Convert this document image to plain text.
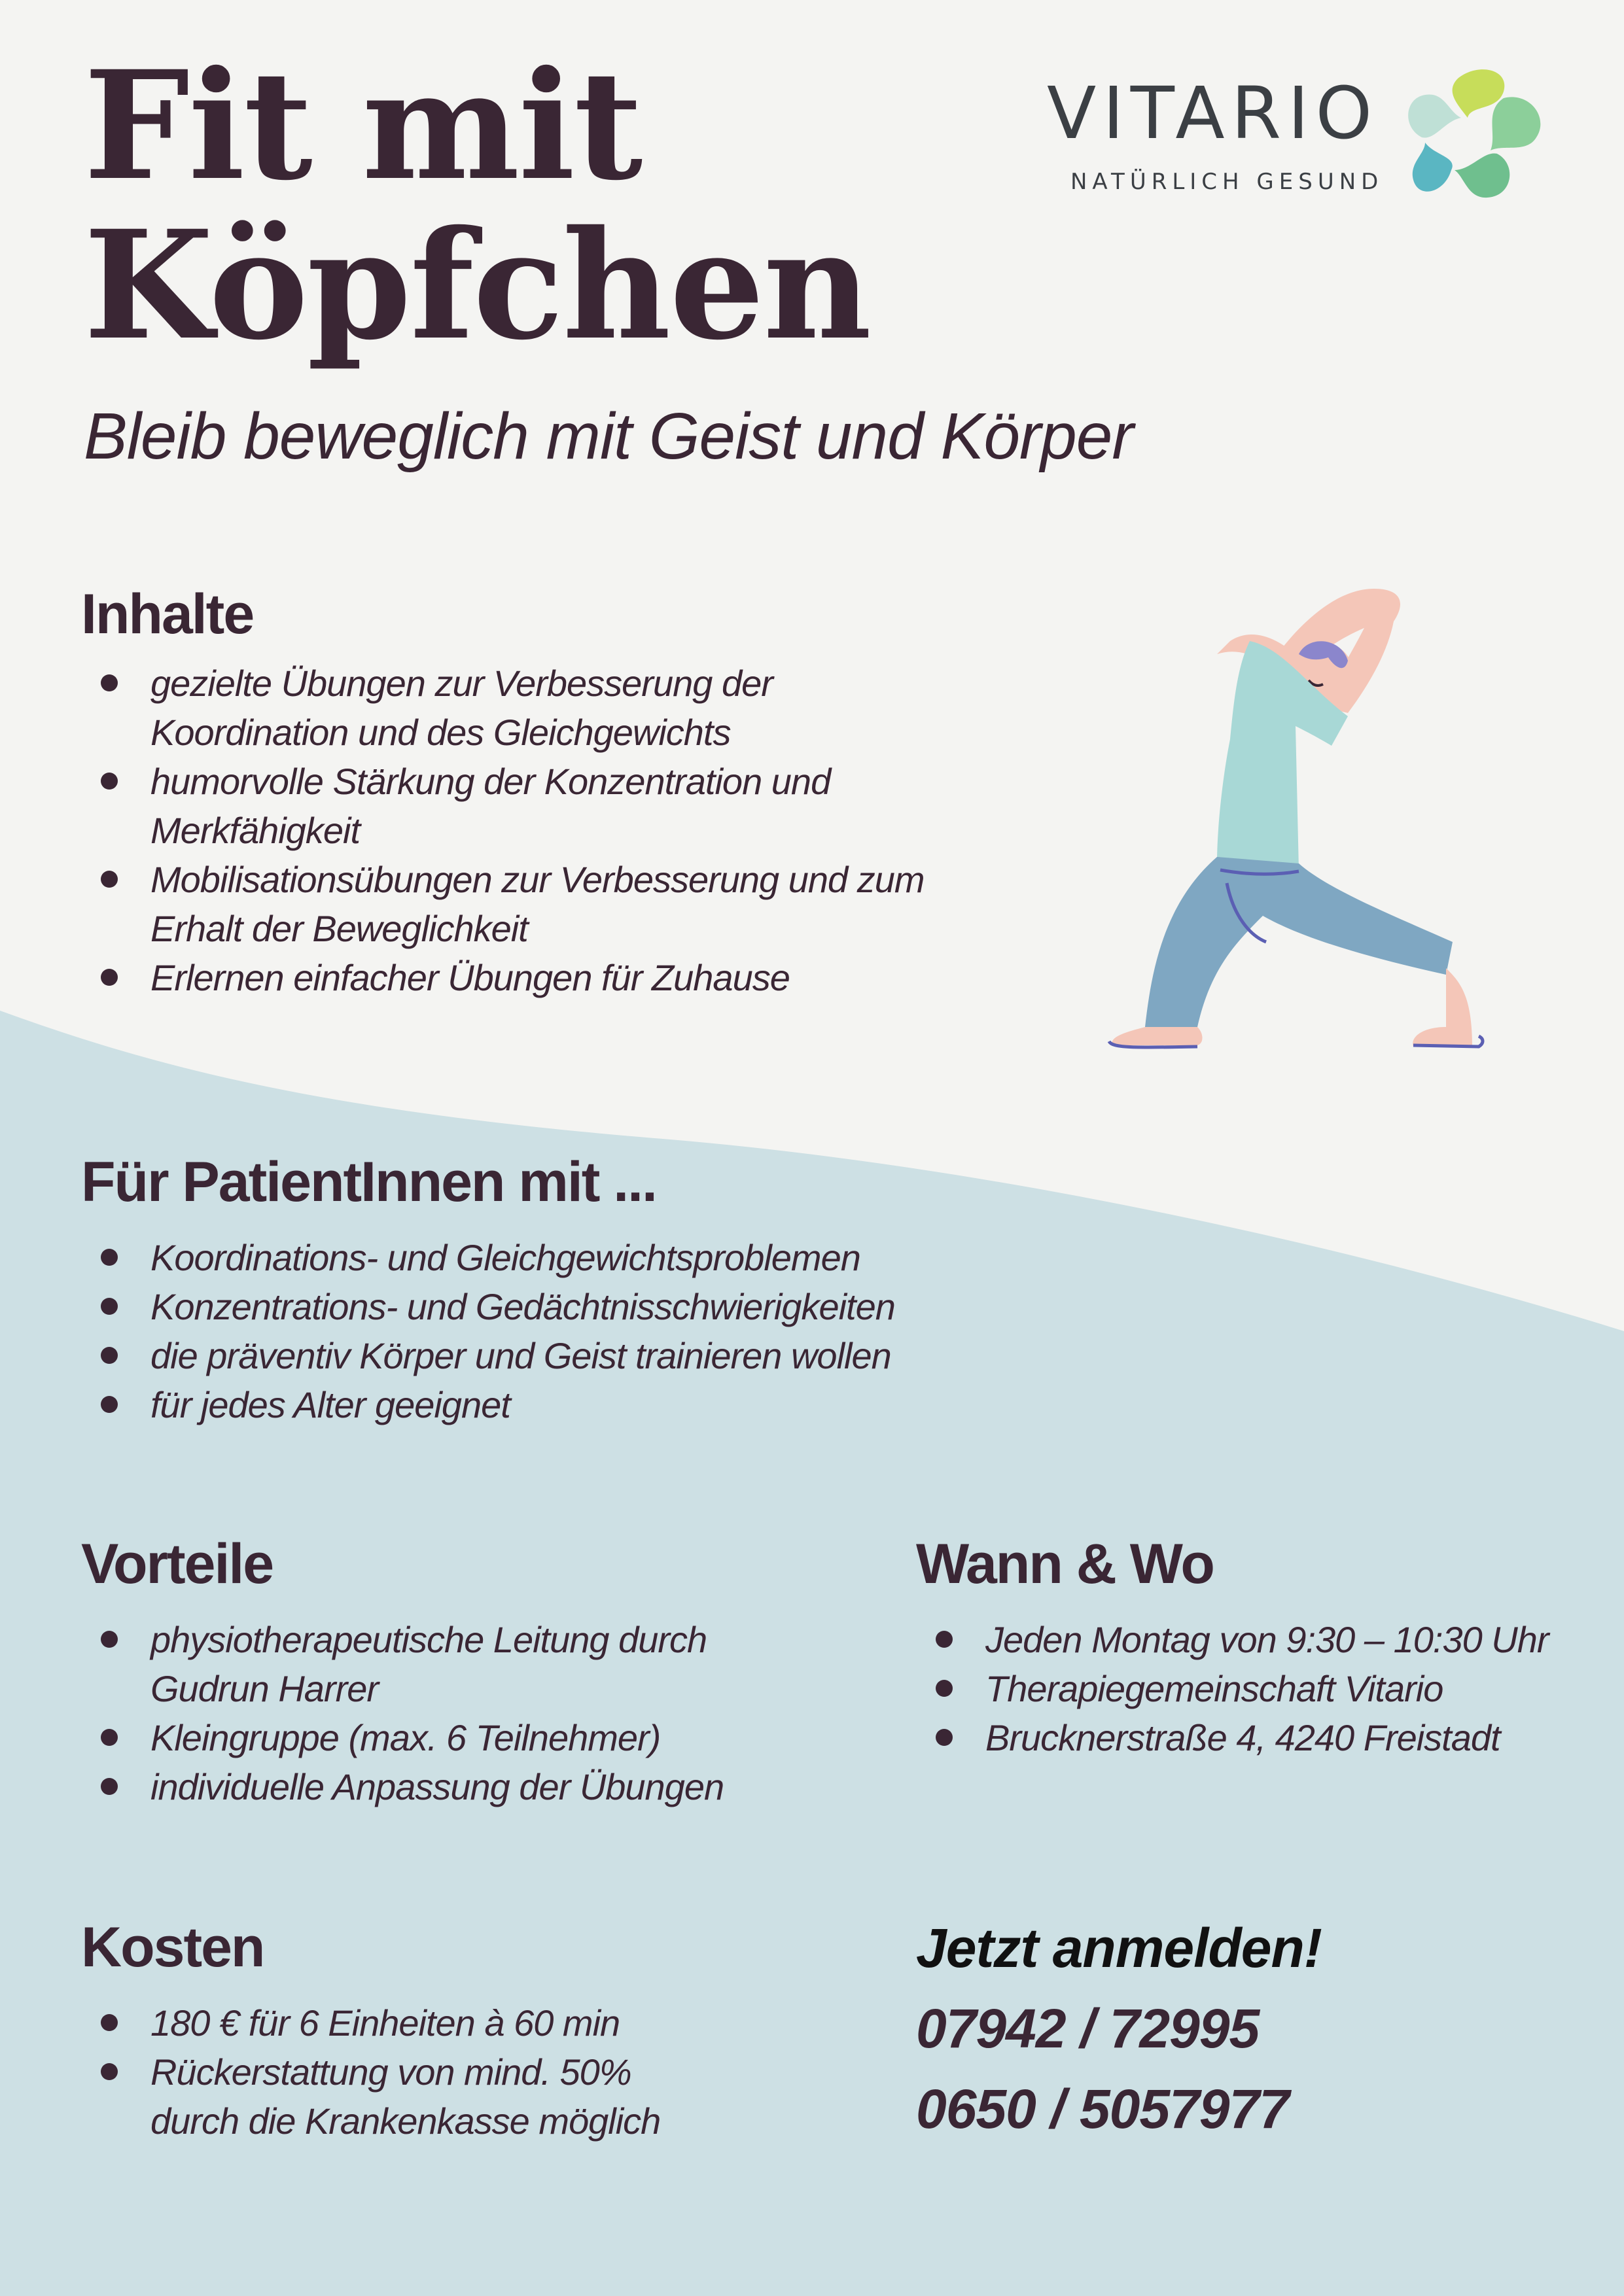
Fit mit
Köpfchen

Bleib beweglich mit Geist und Körper

VITARIO
NATÜRLICH GESUND
Inhalte
gezielte Übungen zur Verbesserung der
Koordination und des Gleichgewichts
humorvolle Stärkung der Konzentration und
Merkfähigkeit
Mobilisationsübungen zur Verbesserung und zum
Erhalt der Beweglichkeit
Erlernen einfacher Übungen für Zuhause
Für PatientInnen mit ...
Koordinations- und Gleichgewichtsproblemen
Konzentrations- und Gedächtnisschwierigkeiten
die präventiv Körper und Geist trainieren wollen
für jedes Alter geeignet
Vorteile
physiotherapeutische Leitung durch
Gudrun Harrer
Kleingruppe (max. 6 Teilnehmer)
individuelle Anpassung der Übungen
Wann & Wo
Jeden Montag von 9:30 – 10:30 Uhr
Therapiegemeinschaft Vitario
Brucknerstraße 4, 4240 Freistadt
Kosten
180 € für 6 Einheiten à 60 min
Rückerstattung von mind. 50%
durch die Krankenkasse möglich

Jetzt anmelden!

07942 / 72995

0650 / 5057977
